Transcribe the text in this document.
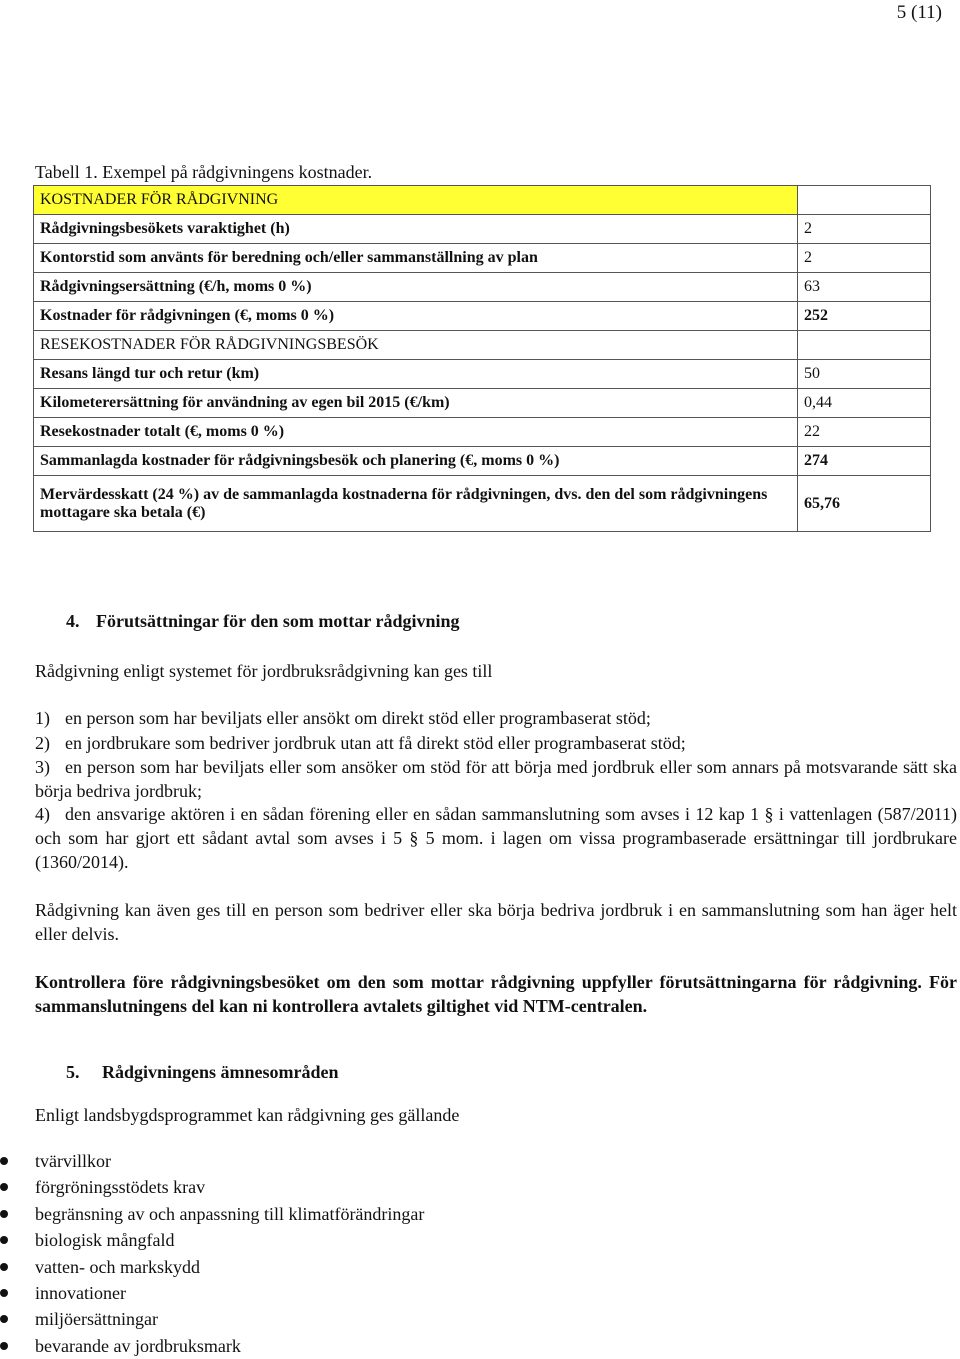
5 (11)
Tabell 1. Exempel på rådgivningens kostnader.
KOSTNADER FÖR RÅDGIVNING	
Rådgivningsbesökets varaktighet (h)	2
Kontorstid som använts för beredning och/eller sammanställning av plan	2
Rådgivningsersättning (€/h, moms 0 %)	63
Kostnader för rådgivningen (€, moms 0 %)	252
RESEKOSTNADER FÖR RÅDGIVNINGSBESÖK	
Resans längd tur och retur (km)	50
Kilometerersättning för användning av egen bil 2015 (€/km)	0,44
Resekostnader totalt (€, moms 0 %)	22
Sammanlagda kostnader för rådgivningsbesök och planering (€, moms 0 %)	274
Mervärdesskatt (24 %) av de sammanlagda kostnaderna för rådgivningen, dvs. den del som rådgivningens mottagare ska betala (€)	65,76
4. Förutsättningar för den som mottar rådgivning

Rådgivning enligt systemet för jordbruksrådgivning kan ges till

1) en person som har beviljats eller ansökt om direkt stöd eller programbaserat stöd;
2) en jordbrukare som bedriver jordbruk utan att få direkt stöd eller programbaserat stöd;
3) en person som har beviljats eller som ansöker om stöd för att börja med jordbruk eller som annars på motsvarande sätt ska börja bedriva jordbruk;
4) den ansvarige aktören i en sådan förening eller en sådan sammanslutning som avses i 12 kap 1 § i vattenlagen (587/2011) och som har gjort ett sådant avtal som avses i 5 § 5 mom. i lagen om vissa programbaserade ersättningar till jordbrukare (1360/2014).

Rådgivning kan även ges till en person som bedriver eller ska börja bedriva jordbruk i en sammanslutning som han äger helt eller delvis.

Kontrollera före rådgivningsbesöket om den som mottar rådgivning uppfyller förutsättningarna för rådgivning. För sammanslutningens del kan ni kontrollera avtalets giltighet vid NTM-centralen.

5. Rådgivningens ämnesområden

Enligt landsbygdsprogrammet kan rådgivning ges gällande

tvärvillkor
förgröningsstödets krav
begränsning av och anpassning till klimatförändringar
biologisk mångfald
vatten- och markskydd
innovationer
miljöersättningar
bevarande av jordbruksmark
